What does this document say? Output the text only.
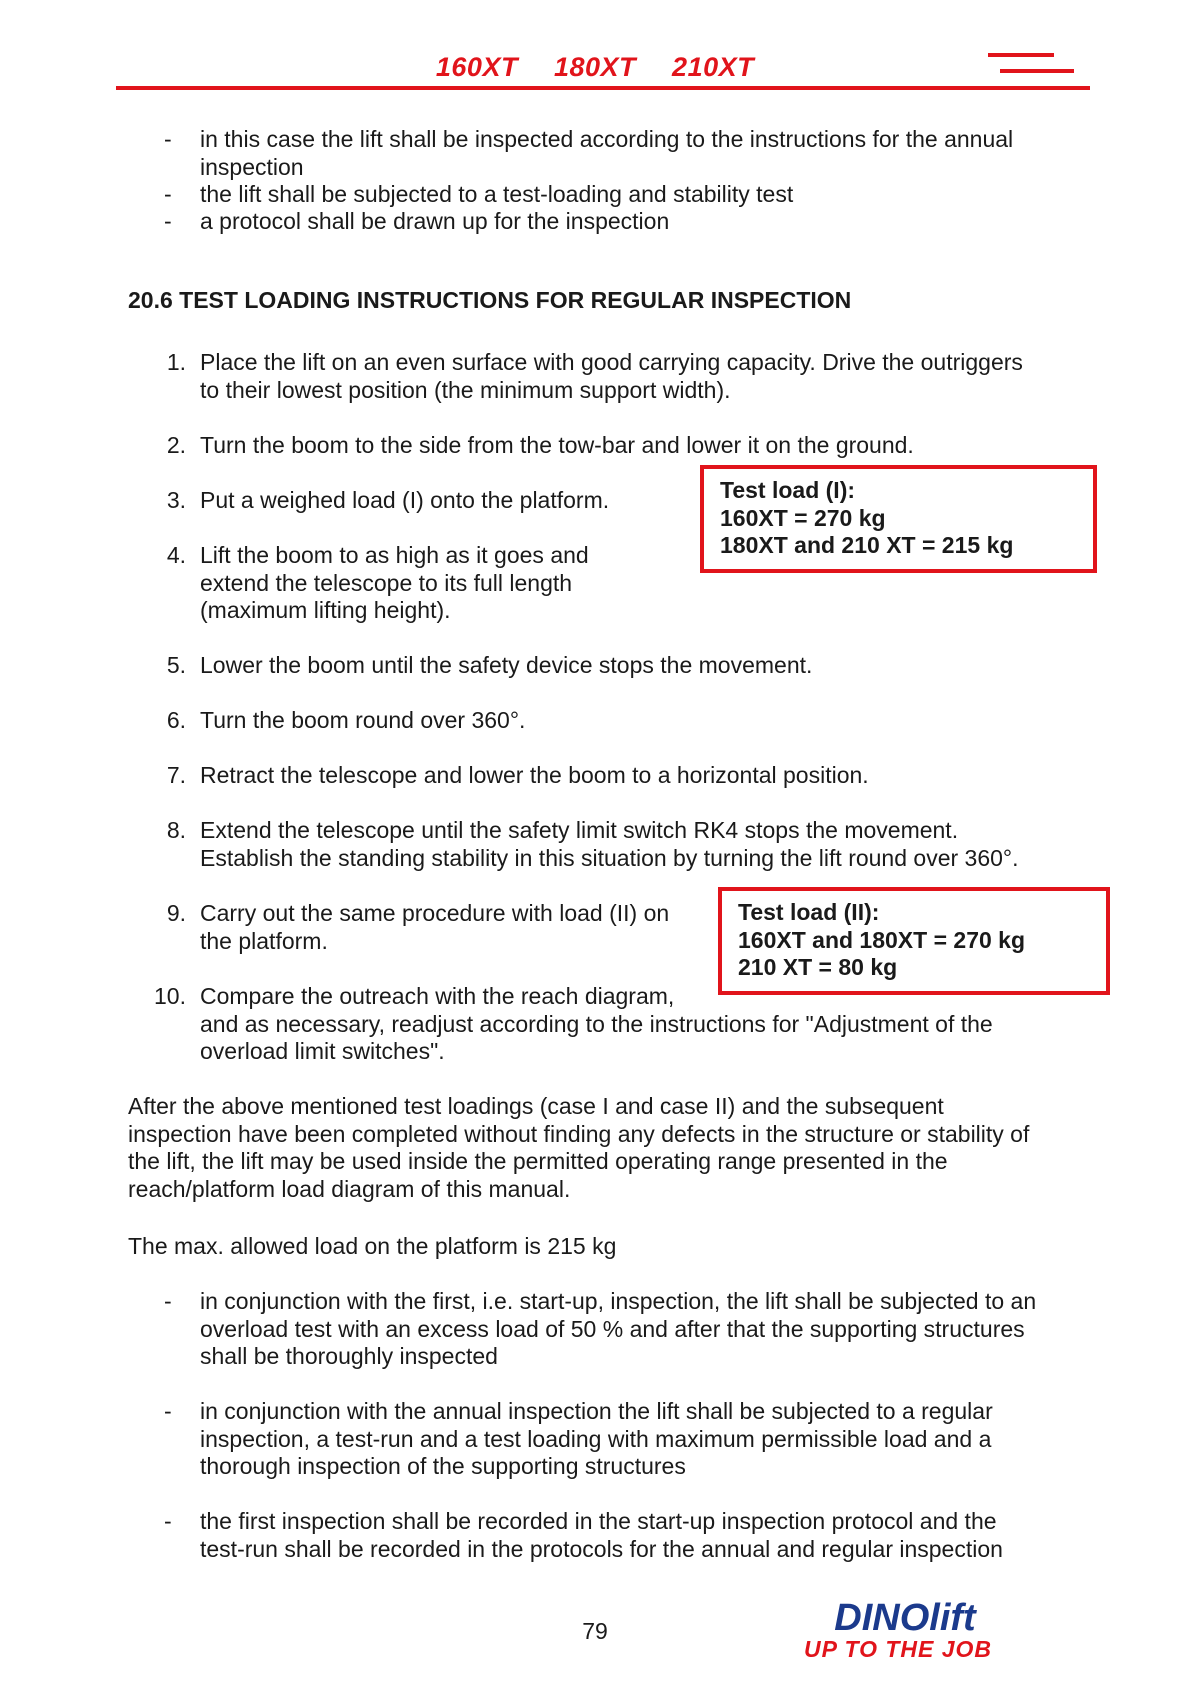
160XT 180XT 210XT
- in this case the lift shall be inspected according to the instructions for the annual
inspection
- the lift shall be subjected to a test-loading and stability test
- a protocol shall be drawn up for the inspection
20.6 TEST LOADING INSTRUCTIONS FOR REGULAR INSPECTION
1. Place the lift on an even surface with good carrying capacity. Drive the outriggers
to their lowest position (the minimum support width).
2. Turn the boom to the side from the tow-bar and lower it on the ground.
3. Put a weighed load (I) onto the platform.
4. Lift the boom to as high as it goes and
extend the telescope to its full length
(maximum lifting height).
5. Lower the boom until the safety device stops the movement.
6. Turn the boom round over 360°.
7. Retract the telescope and lower the boom to a horizontal position.
8. Extend the telescope until the safety limit switch RK4 stops the movement.
Establish the standing stability in this situation by turning the lift round over 360°.
9. Carry out the same procedure with load (II) on
the platform.
10. Compare the outreach with the reach diagram,
and as necessary, readjust according to the instructions for "Adjustment of the
overload limit switches".
Test load (I):
160XT = 270 kg
180XT and 210 XT = 215 kg
Test load (II):
160XT and 180XT = 270 kg
210 XT = 80 kg
After the above mentioned test loadings (case I and case II) and the subsequent
inspection have been completed without finding any defects in the structure or stability of
the lift, the lift may be used inside the permitted operating range presented in the
reach/platform load diagram of this manual.
The max. allowed load on the platform is 215 kg
- in conjunction with the first, i.e. start-up, inspection, the lift shall be subjected to an
overload test with an excess load of 50 % and after that the supporting structures
shall be thoroughly inspected
- in conjunction with the annual inspection the lift shall be subjected to a regular
inspection, a test-run and a test loading with maximum permissible load and a
thorough inspection of the supporting structures
- the first inspection shall be recorded in the start-up inspection protocol and the
test-run shall be recorded in the protocols for the annual and regular inspection
79	DINOlift
UP TO THE JOB
